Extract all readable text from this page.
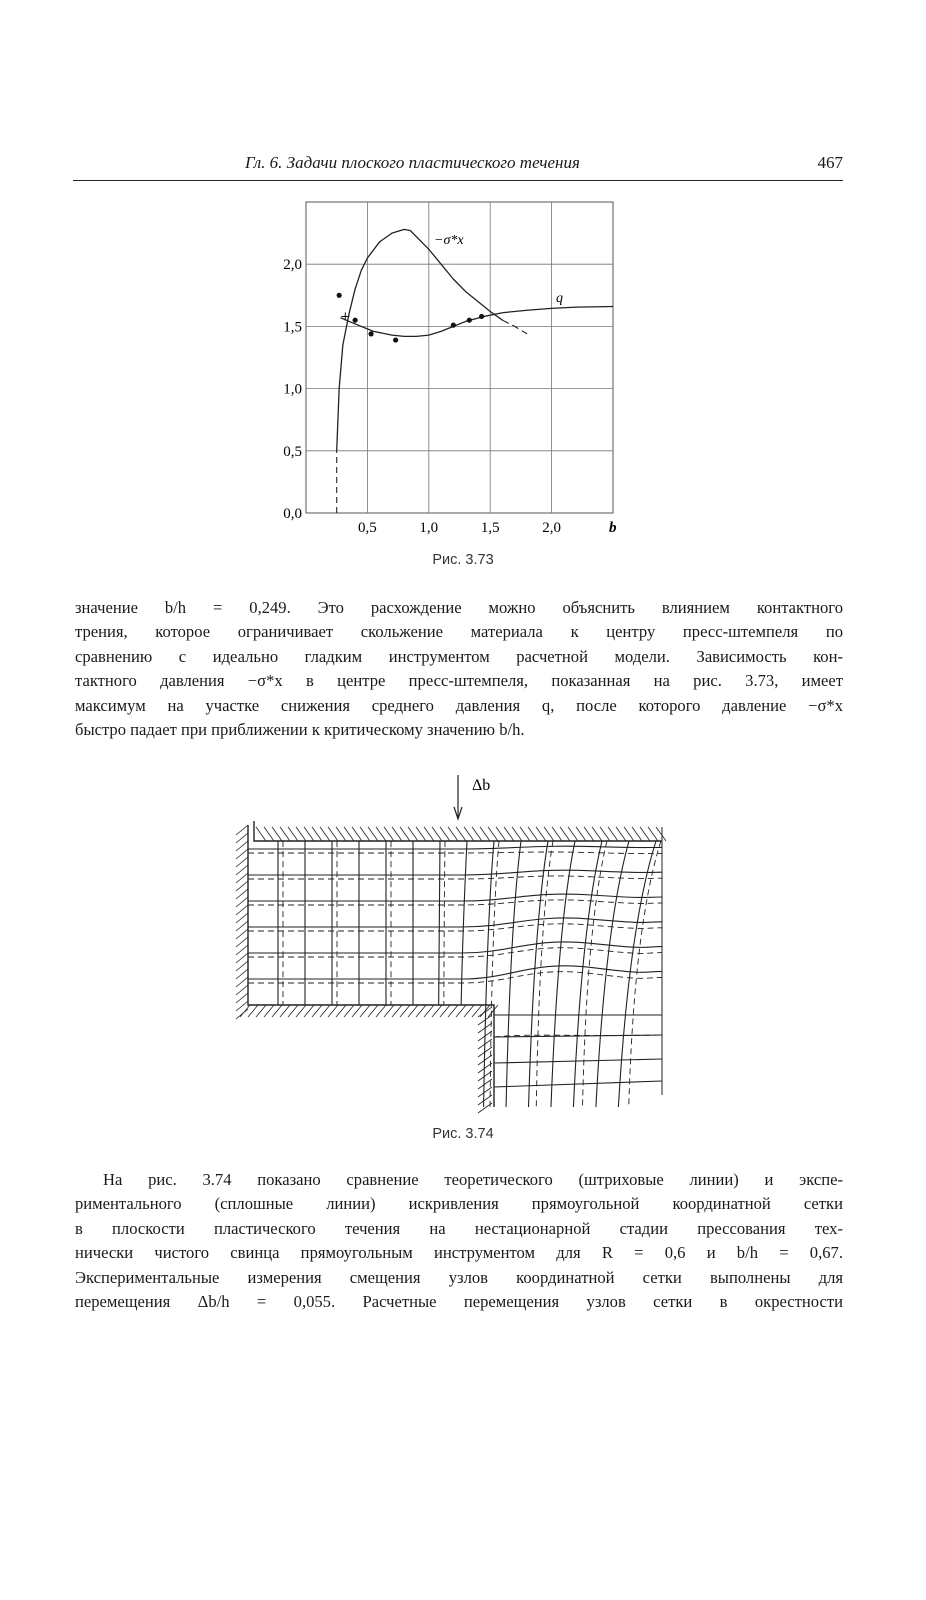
Гл. 6. Задачи плоского пластического течения	467
0,5	1,0	1,5	2,0
0,0
0,5
1,0
1,5
2,0
−σ*x
q
b
Рис. 3.73
значение b/h = 0,249. Это расхождение можно объяснить влиянием контактного
трения, которое ограничивает скольжение материала к центру пресс-штемпеля по
сравнению с идеально гладким инструментом расчетной модели. Зависимость кон-
тактного давления −σ*x в центре пресс-штемпеля, показанная на рис. 3.73, имеет
максимум на участке снижения среднего давления q, после которого давление −σ*x
быстро падает при приближении к критическому значению b/h.
Δb
Рис. 3.74
На рис. 3.74 показано сравнение теоретического (штриховые линии) и экспе-
риментального (сплошные линии) искривления прямоугольной координатной сетки
в плоскости пластического течения на нестационарной стадии прессования тех-
нически чистого свинца прямоугольным инструментом для R = 0,6 и b/h = 0,67.
Экспериментальные измерения смещения узлов координатной сетки выполнены для
перемещения Δb/h = 0,055. Расчетные перемещения узлов сетки в окрестности
